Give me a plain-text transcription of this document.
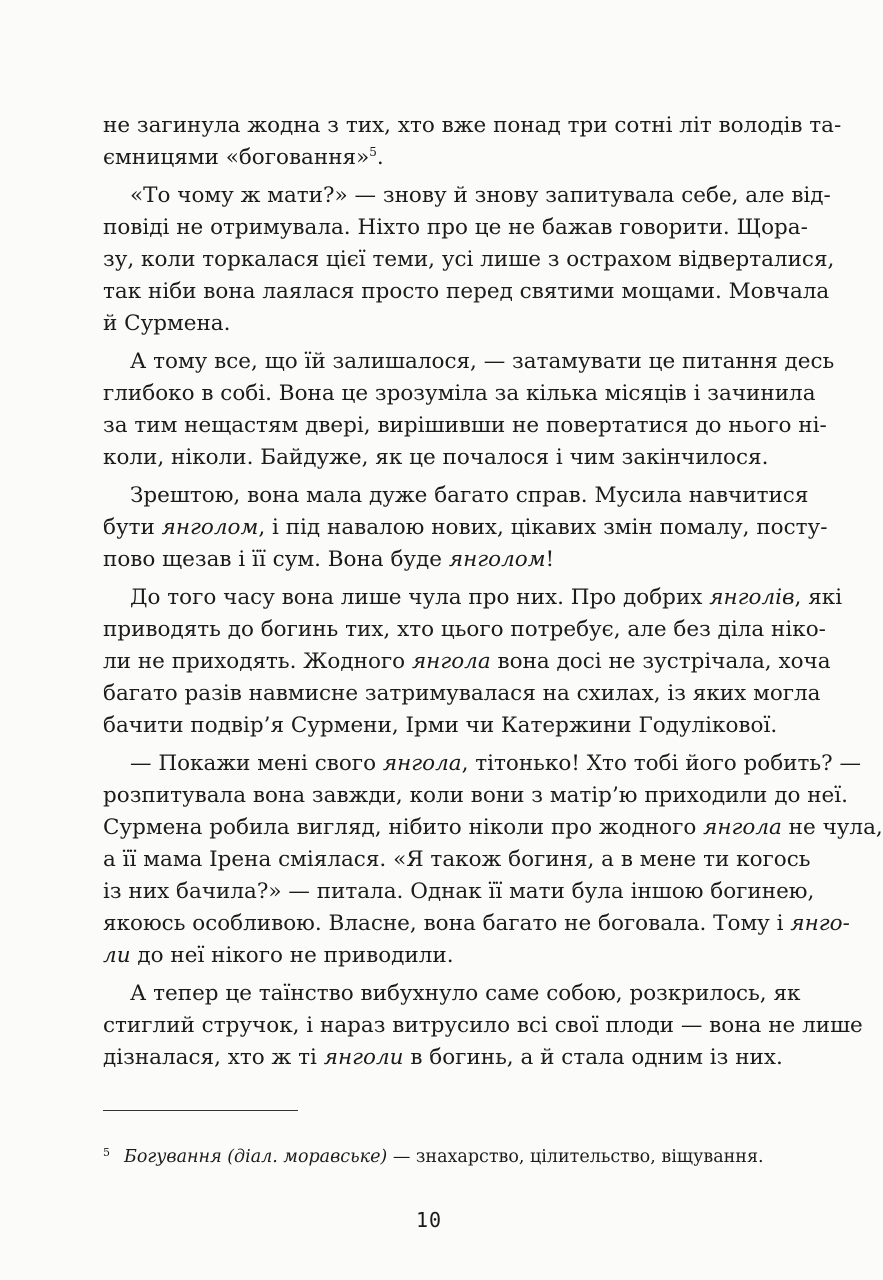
не загинула жодна з тих, хто вже понад три сотні літ володів та-
ємницями «боговання»$^5$.
«То чому ж мати?» — знову й знову запитувала себе, але від-
повіді не отримувала. Ніхто про це не бажав говорити. Щора-
зу, коли торкалася цієї теми, усі лише з острахом відверталися,
так ніби вона лаялася просто перед святими мощами. Мовчала
й Сурмена.
А тому все, що їй залишалося, — затамувати це питання десь
глибоко в собі. Вона це зрозуміла за кілька місяців і зачинила
за тим нещастям двері, вирішивши не повертатися до нього ні-
коли, ніколи. Байдуже, як це почалося і чим закінчилося.
Зрештою, вона мала дуже багато справ. Мусила навчитися
бути янголом, і під навалою нових, цікавих змін помалу, посту-
пово щезав і її сум. Вона буде янголом!
До того часу вона лише чула про них. Про добрих янголів, які
приводять до богинь тих, хто цього потребує, але без діла ніко-
ли не приходять. Жодного янгола вона досі не зустрічала, хоча
багато разів навмисне затримувалася на схилах, із яких могла
бачити подвір’я Сурмени, Ірми чи Катержини Годулікової.
— Покажи мені свого янгола, тітонько! Хто тобі його робить? —
розпитувала вона завжди, коли вони з матір’ю приходили до неї.
Сурмена робила вигляд, нібито ніколи про жодного янгола не чула,
а її мама Ірена сміялася. «Я також богиня, а в мене ти когось
із них бачила?» — питала. Однак її мати була іншою богинею,
якоюсь особливою. Власне, вона багато не боговала. Тому і янго-
ли до неї нікого не приводили.
А тепер це таїнство вибухнуло саме собою, розкрилось, як
стиглий стручок, і нараз витрусило всі свої плоди — вона не лише
дізналася, хто ж ті янголи в богинь, а й стала одним із них.
$^5$ Богування (діал. моравське) — знахарство, цілительство, віщування.
10
